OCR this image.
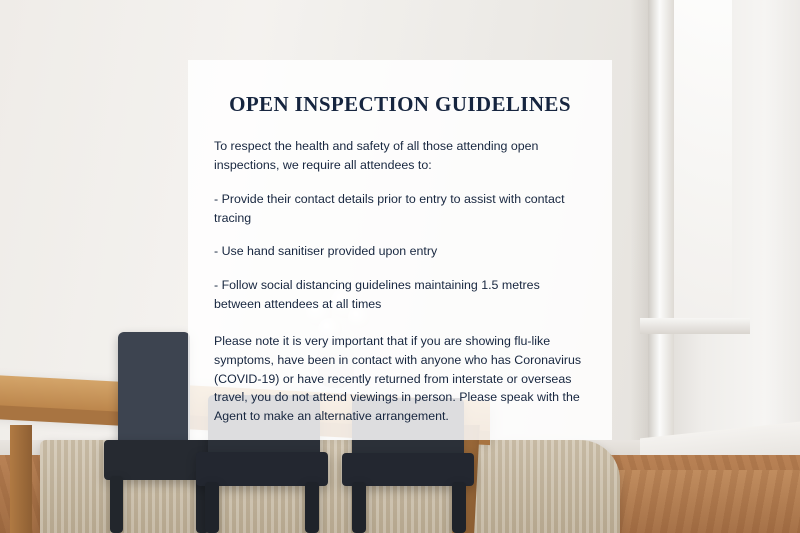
OPEN INSPECTION GUIDELINES

To respect the health and safety of all those attending open inspections, we require all attendees to:

- Provide their contact details prior to entry to assist with contact tracing

- Use hand sanitiser provided upon entry

- Follow social distancing guidelines maintaining 1.5 metres between attendees at all times

Please note it is very important that if you are showing flu-like symptoms, have been in contact with anyone who has Coronavirus (COVID-19) or have recently returned from interstate or overseas travel, you do not attend viewings in person. Please speak with the Agent to make an alternative arrangement.
